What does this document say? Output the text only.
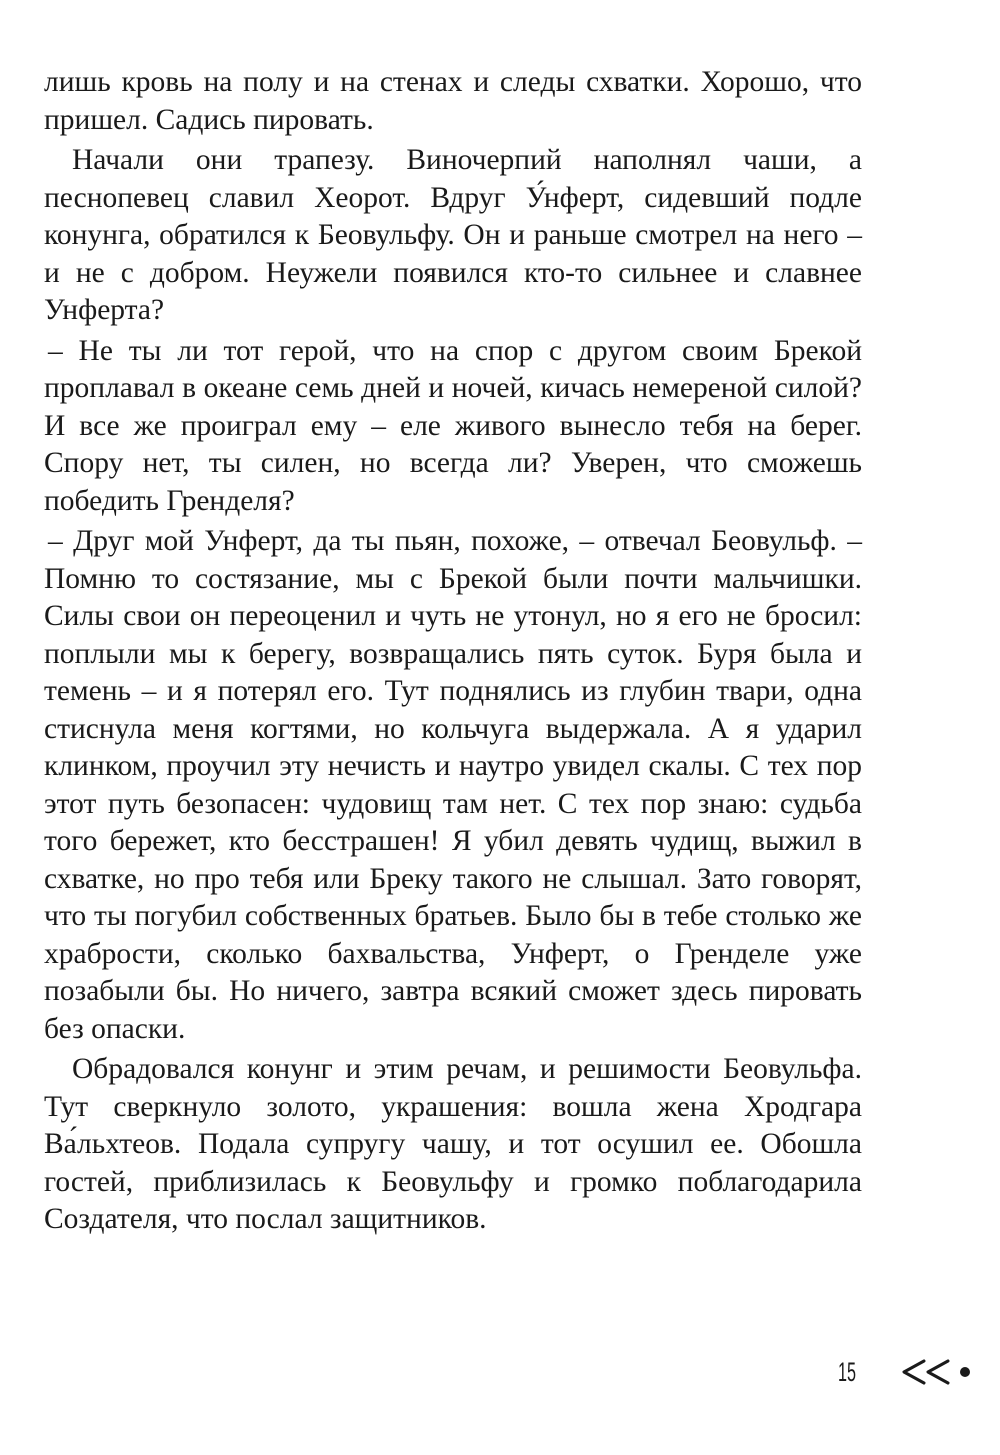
лишь кровь на полу и на стенах и следы схватки. Хорошо, что пришел. Садись пировать.

Начали они трапезу. Виночерпий наполнял чаши, а песнопевец славил Хеорот. Вдруг У́нферт, сидевший подле конунга, обратился к Беовульфу. Он и раньше смотрел на него – и не с добром. Неужели появился кто-то сильнее и славнее Унферта?

– Не ты ли тот герой, что на спор с другом своим Брекой проплавал в океане семь дней и ночей, кичась немереной силой? И все же проиграл ему – еле живого вынесло тебя на берег. Спору нет, ты силен, но всегда ли? Уверен, что сможешь победить Гренделя?

– Друг мой Унферт, да ты пьян, похоже, – отвечал Беовульф. – Помню то состязание, мы с Брекой были почти мальчишки. Силы свои он переоценил и чуть не утонул, но я его не бросил: поплыли мы к берегу, возвращались пять суток. Буря была и темень – и я потерял его. Тут поднялись из глубин твари, одна стиснула меня когтями, но кольчуга выдержала. А я ударил клинком, проучил эту нечисть и наутро увидел скалы. С тех пор этот путь безопасен: чудовищ там нет. С тех пор знаю: судьба того бережет, кто бесстрашен! Я убил девять чудищ, выжил в схватке, но про тебя или Бреку такого не слышал. Зато говорят, что ты погубил собственных братьев. Было бы в тебе столько же храбрости, сколько бахвальства, Унферт, о Гренделе уже позабыли бы. Но ничего, завтра всякий сможет здесь пировать без опаски.

Обрадовался конунг и этим речам, и решимости Беовульфа. Тут сверкнуло золото, украшения: вошла жена Хродгара Ва́льхтеов. Подала супругу чашу, и тот осушил ее. Обошла гостей, приблизилась к Беовульфу и громко поблагодарила Создателя, что послал защитников.

15
